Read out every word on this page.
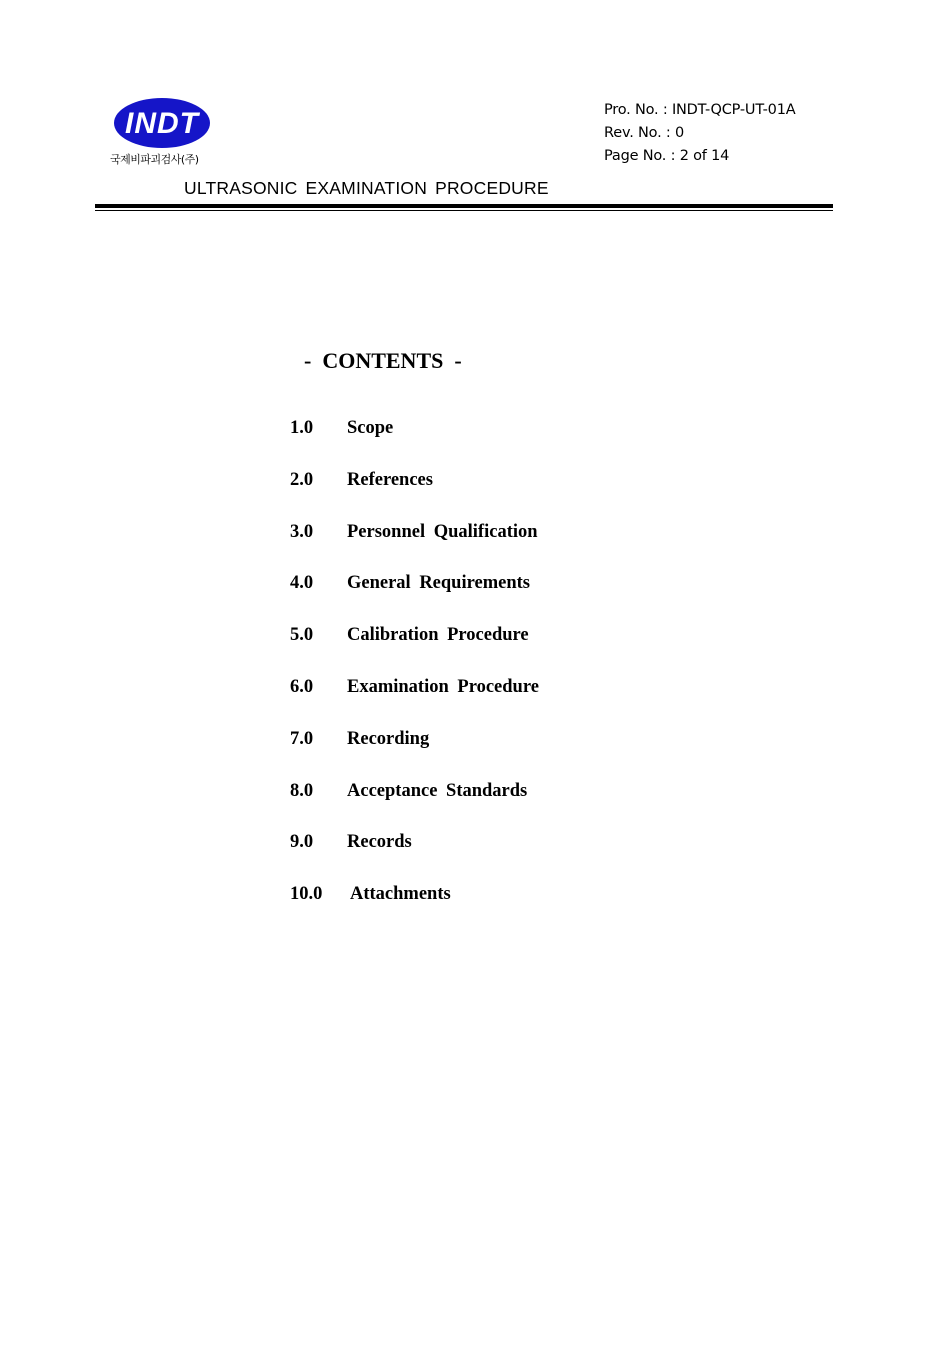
INDT
국제비파괴검사(주)
Pro. No. : INDT-QCP-UT-01A
Rev. No. : 0
Page No. : 2 of 14
ULTRASONIC EXAMINATION PROCEDURE
-  CONTENTS  -
1.0	Scope
2.0	References
3.0	Personnel Qualification
4.0	General Requirements
5.0	Calibration Procedure
6.0	Examination Procedure
7.0	Recording
8.0	Acceptance Standards
9.0	Records
10.0	Attachments
